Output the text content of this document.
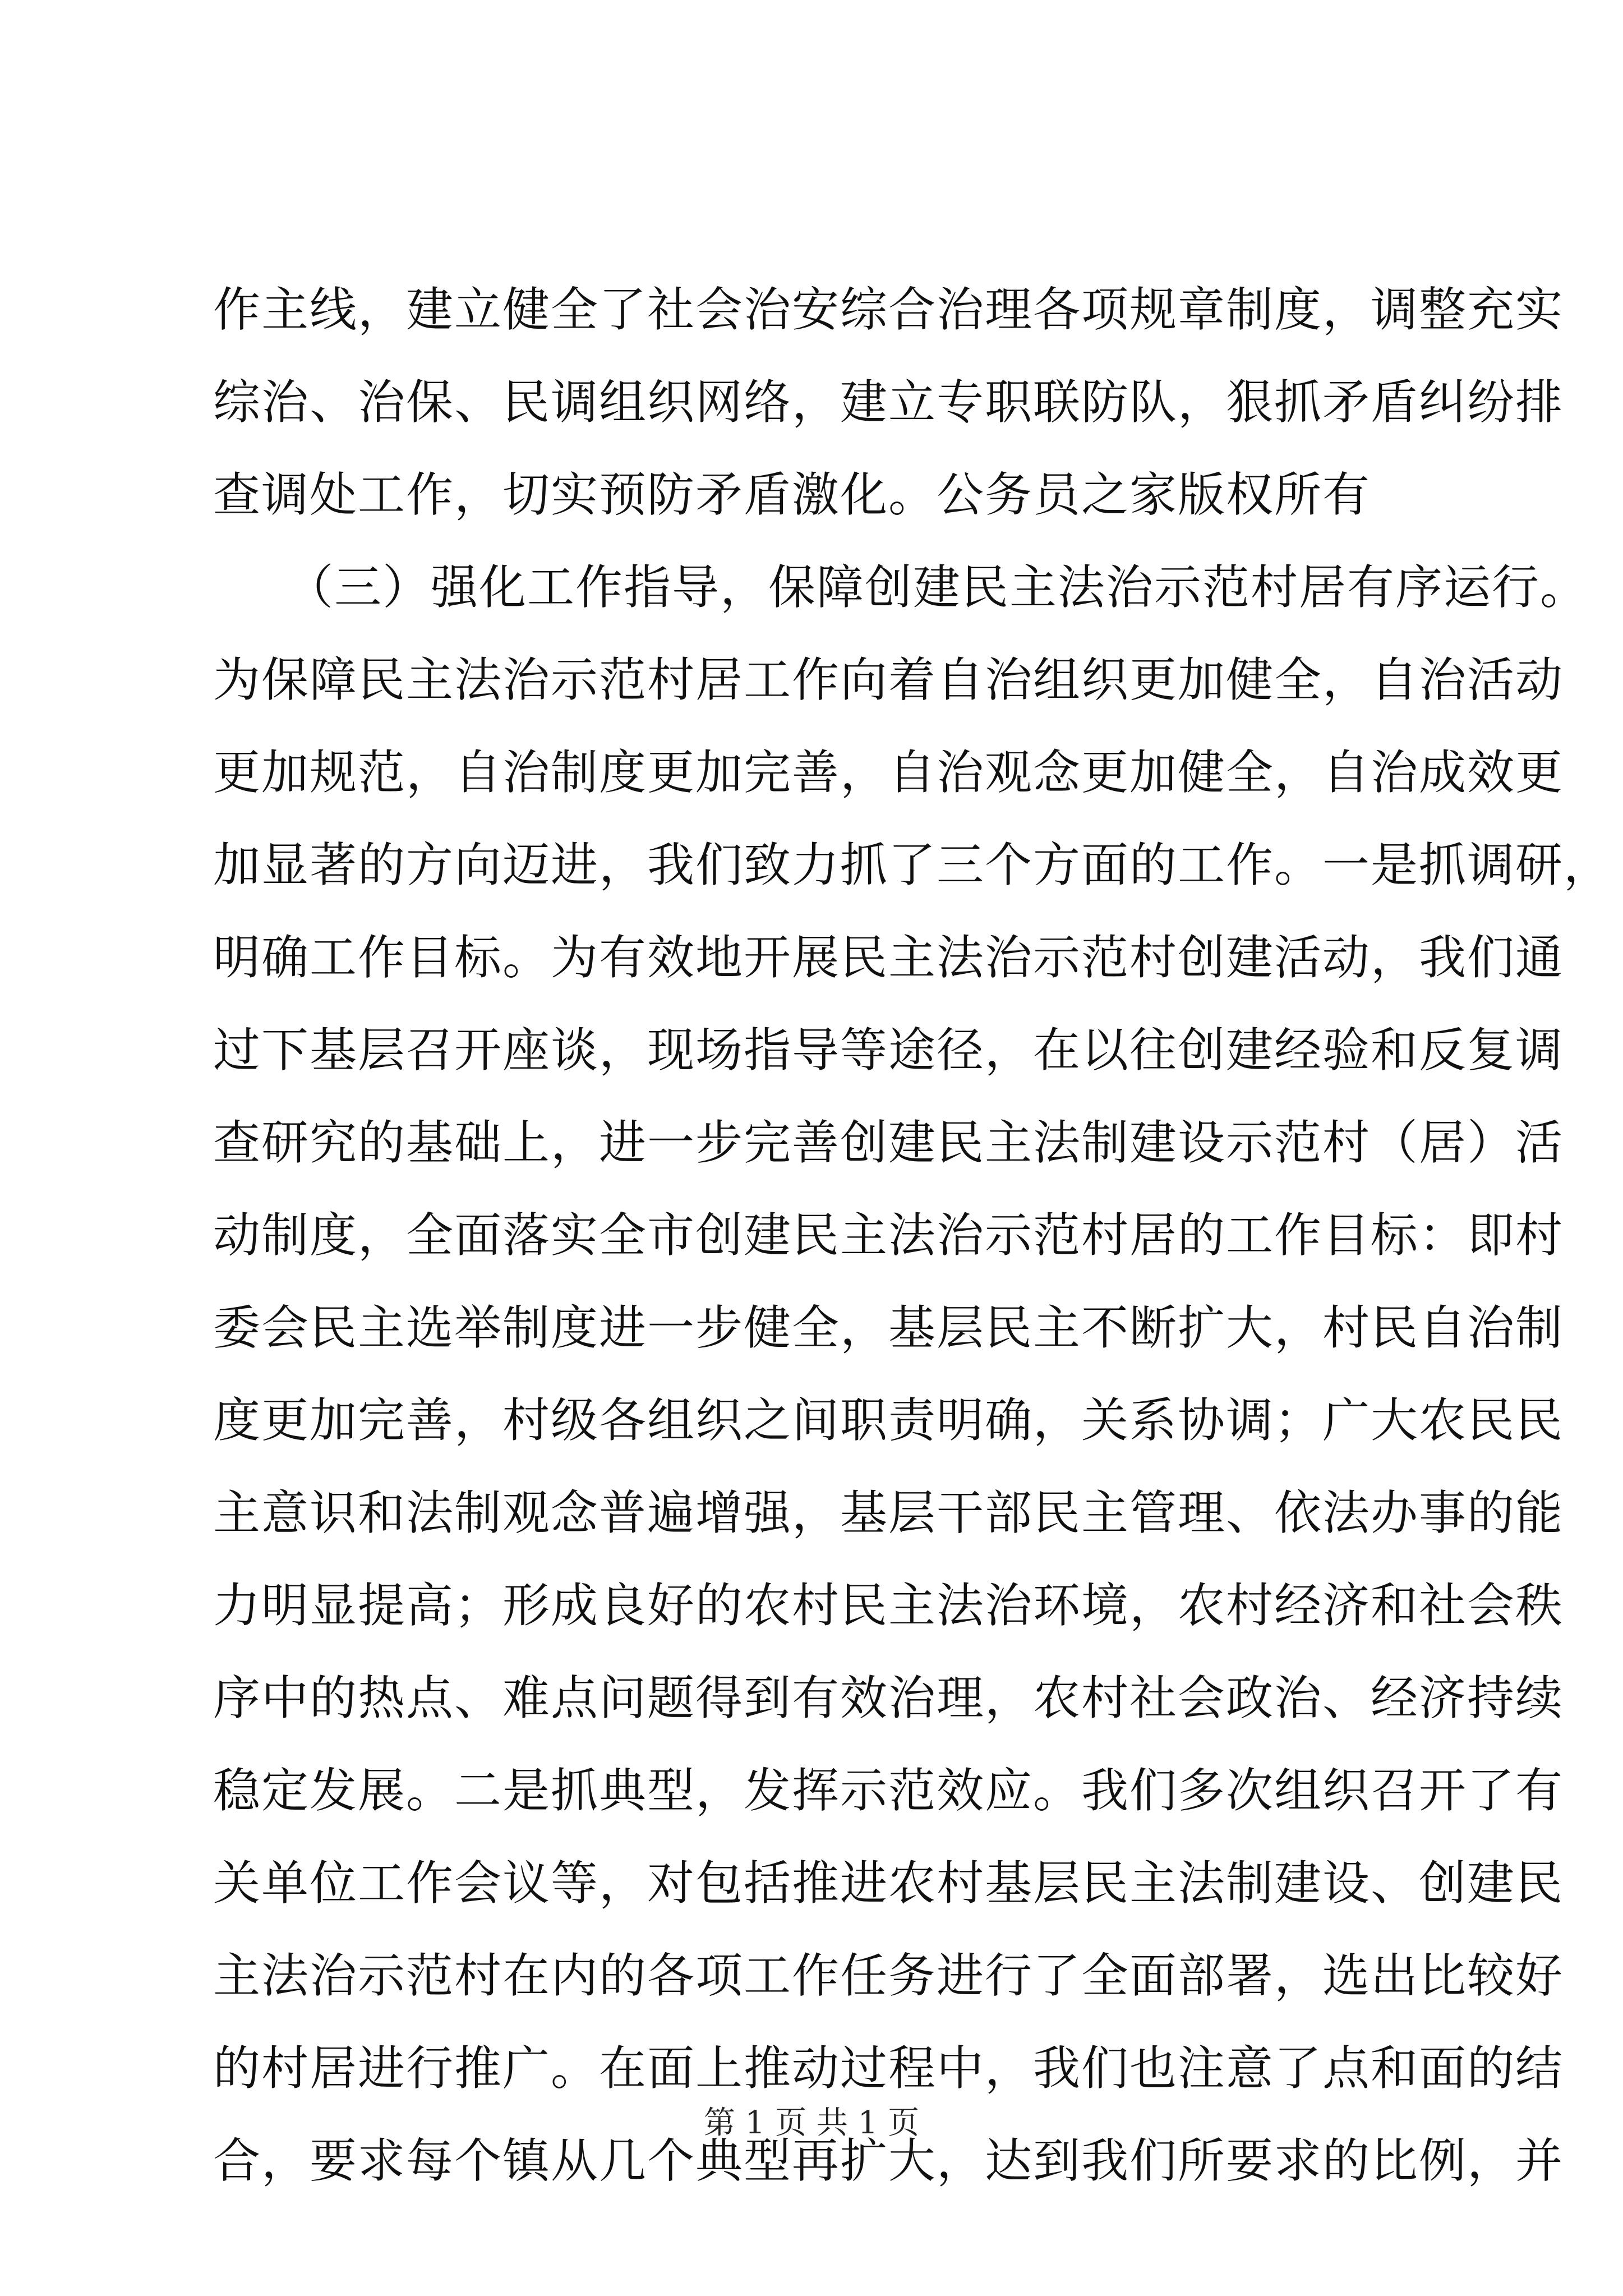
作主线，建立健全了社会治安综合治理各项规章制度，调整充实
综治、治保、民调组织网络，建立专职联防队，狠抓矛盾纠纷排
查调处工作，切实预防矛盾激化。公务员之家版权所有
　　（三）强化工作指导，保障创建民主法治示范村居有序运行。
为保障民主法治示范村居工作向着自治组织更加健全，自治活动
更加规范，自治制度更加完善，自治观念更加健全，自治成效更
加显著的方向迈进，我们致力抓了三个方面的工作。一是抓调研，
明确工作目标。为有效地开展民主法治示范村创建活动，我们通
过下基层召开座谈，现场指导等途径，在以往创建经验和反复调
查研究的基础上，进一步完善创建民主法制建设示范村（居）活
动制度，全面落实全市创建民主法治示范村居的工作目标：即村
委会民主选举制度进一步健全，基层民主不断扩大，村民自治制
度更加完善，村级各组织之间职责明确，关系协调；广大农民民
主意识和法制观念普遍增强，基层干部民主管理、依法办事的能
力明显提高；形成良好的农村民主法治环境，农村经济和社会秩
序中的热点、难点问题得到有效治理，农村社会政治、经济持续
稳定发展。二是抓典型，发挥示范效应。我们多次组织召开了有
关单位工作会议等，对包括推进农村基层民主法制建设、创建民
主法治示范村在内的各项工作任务进行了全面部署，选出比较好
的村居进行推广。在面上推动过程中，我们也注意了点和面的结
合，要求每个镇从几个典型再扩大，达到我们所要求的比例，并
第 1 页 共 1 页
